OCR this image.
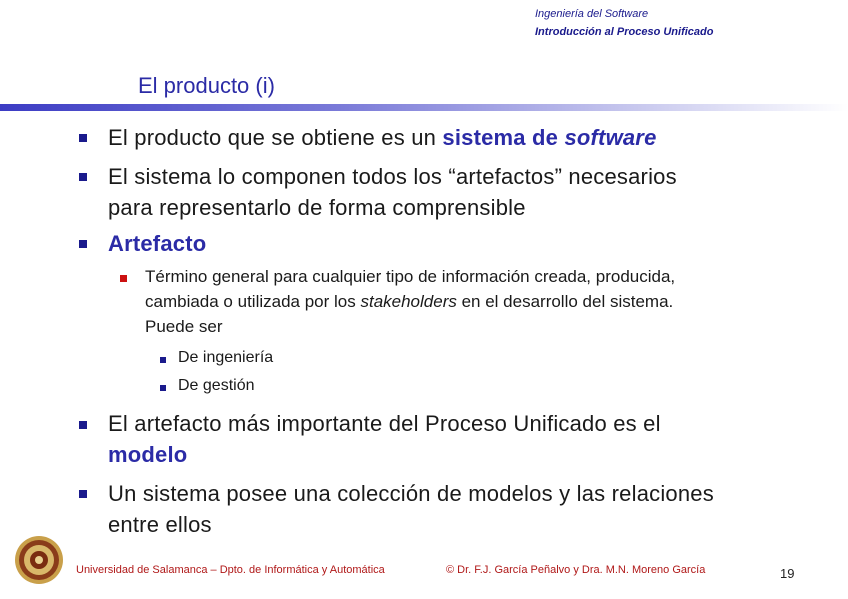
Ingeniería del Software
Introducción al Proceso Unificado
El producto (i)
El producto que se obtiene es un sistema de software
El sistema lo componen todos los “artefactos” necesarios
para representarlo de forma comprensible
Artefacto
Término general para cualquier tipo de información creada, producida,
cambiada o utilizada por los stakeholders en el desarrollo del sistema.
Puede ser
De ingeniería
De gestión
El artefacto más importante del Proceso Unificado es el
modelo
Un sistema posee una colección de modelos y las relaciones
entre ellos
Universidad de Salamanca – Dpto. de Informática y Automática	© Dr. F.J. García Peñalvo y Dra. M.N. Moreno García	19
